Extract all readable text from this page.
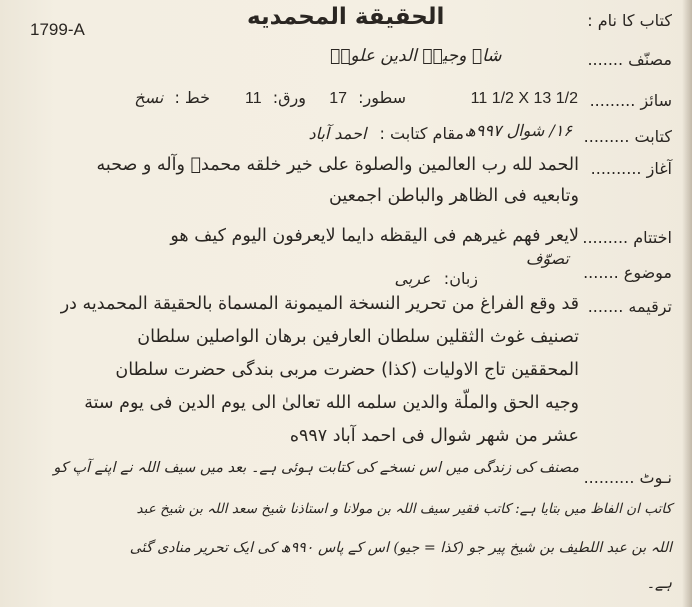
1799-A	الحقیقة المحمدیه	کتاب کا نام :
مصنّف .......
شاہ وجیہہ الدین علویؒ
سائز .........
11 1/2 X 13 1/2
سطور: 17
ورق: 11
خط : نسخ
کتابت .........
۱۶/ شوال ۹۹۷ھ
مقام کتابت : احمد آباد
آغاز ..........
الحمد لله رب العالمین والصلوة علی خیر خلقه محمدؐ وآله و صحبه
وتابعیه فی الظاهر والباطن اجمعین
اختتام .........
لایعر فهم غیرهم فی الیقظه دایما لایعرفون الیوم کیف هو
موضوع .......
تصوّف
زبان: عربی
ترقیمه .......
قد وقع الفراغ من تحریر النسخة المیمونة المسماة بالحقیقة المحمدیه در
تصنیف غوث الثقلین سلطان العارفین برهان الواصلین سلطان
المحققین تاج الاولیات (کذا) حضرت مربی بندگی حضرت سلطان
وجیه الحق والملّة والدین سلمه الله تعالیٰ الی یوم الدین فی یوم ستة
عشر من شهر شوال فی احمد آباد ۹۹۷ه
نـوٹ ..........
مصنف کی زندگی میں اس نسخے کی کتابت ہوئی ہے۔ بعد میں سیف اللہ نے اپنے آپ کو
کاتب ان الفاظ میں بتایا ہے: کاتب فقیر سیف اللہ بن مولانا و استاذنا شیخ سعد اللہ بن شیخ عبد
اللہ بن عبد اللطیف بن شیخ پیر جو (کذا = جیو) اس کے پاس ۹۹۰ھ کی ایک تحریر منادی گئی
ہے۔
